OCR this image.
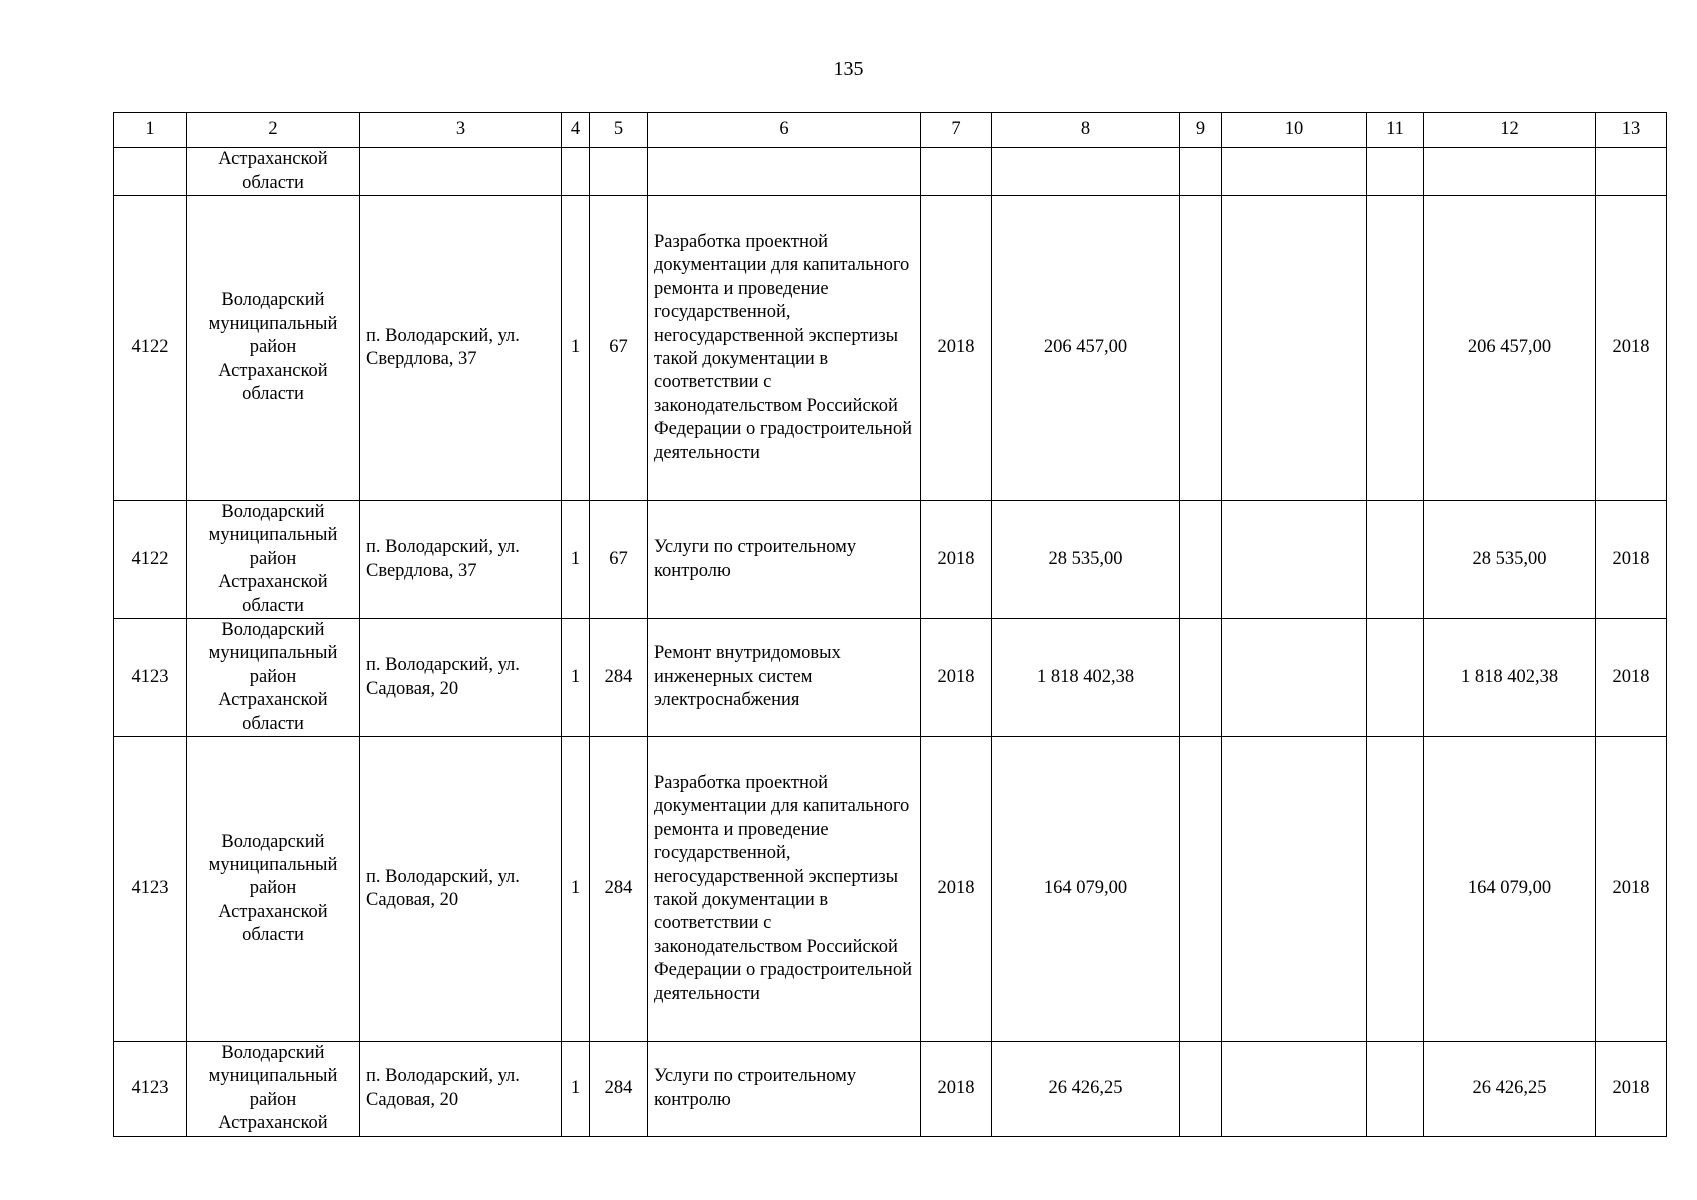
135
1	2	3	4	5	6	7	8	9	10	11	12	13
	Астраханской области											
4122	Володарский муниципальный район Астраханской области	п. Володарский, ул. Свердлова, 37	1	67	Разработка проектной документации для капитального ремонта и проведение государственной, негосударственной экспертизы такой документации в соответствии с законодательством Российской Федерации о градостроительной деятельности	2018	206 457,00				206 457,00	2018
4122	Володарский муниципальный район Астраханской области	п. Володарский, ул. Свердлова, 37	1	67	Услуги по строительному контролю	2018	28 535,00				28 535,00	2018
4123	Володарский муниципальный район Астраханской области	п. Володарский, ул. Садовая, 20	1	284	Ремонт внутридомовых инженерных систем электроснабжения	2018	1 818 402,38				1 818 402,38	2018
4123	Володарский муниципальный район Астраханской области	п. Володарский, ул. Садовая, 20	1	284	Разработка проектной документации для капитального ремонта и проведение государственной, негосударственной экспертизы такой документации в соответствии с законодательством Российской Федерации о градостроительной деятельности	2018	164 079,00				164 079,00	2018
4123	Володарский муниципальный район Астраханской	п. Володарский, ул. Садовая, 20	1	284	Услуги по строительному контролю	2018	26 426,25				26 426,25	2018
